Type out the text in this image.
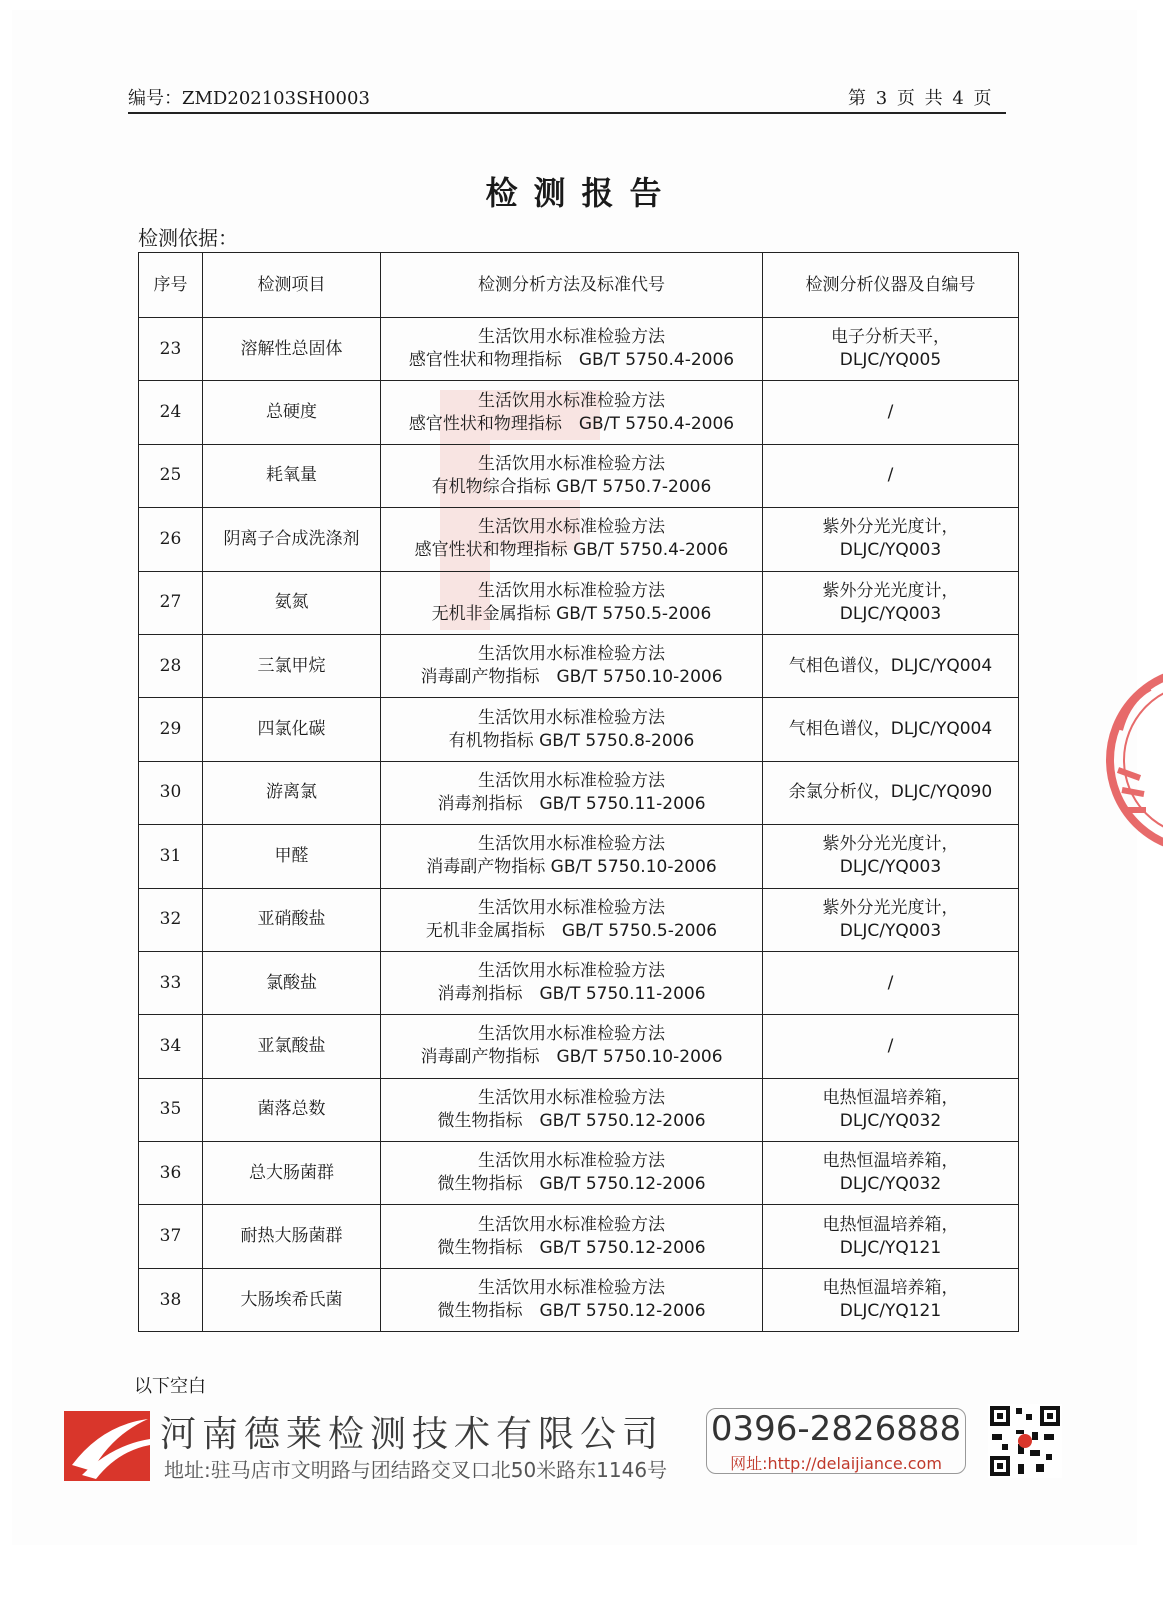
编号：ZMD202103SH0003	第 3 页 共 4 页
检测报告
检测依据：
序号	检测项目	检测分析方法及标准代号	检测分析仪器及自编号
23	溶解性总固体	生活饮用水标准检验方法
感官性状和物理指标　GB/T 5750.4-2006	电子分析天平，
DLJC/YQ005

24	总硬度	生活饮用水标准检验方法
感官性状和物理指标　GB/T 5750.4-2006	/

25	耗氧量	生活饮用水标准检验方法
有机物综合指标 GB/T 5750.7-2006	/

26	阴离子合成洗涤剂	生活饮用水标准检验方法
感官性状和物理指标 GB/T 5750.4-2006	紫外分光光度计，
DLJC/YQ003

27	氨氮	生活饮用水标准检验方法
无机非金属指标 GB/T 5750.5-2006	紫外分光光度计，
DLJC/YQ003

28	三氯甲烷	生活饮用水标准检验方法
消毒副产物指标　GB/T 5750.10-2006	气相色谱仪，DLJC/YQ004

29	四氯化碳	生活饮用水标准检验方法
有机物指标 GB/T 5750.8-2006	气相色谱仪，DLJC/YQ004

30	游离氯	生活饮用水标准检验方法
消毒剂指标　GB/T 5750.11-2006	余氯分析仪，DLJC/YQ090

31	甲醛	生活饮用水标准检验方法
消毒副产物指标 GB/T 5750.10-2006	紫外分光光度计，
DLJC/YQ003

32	亚硝酸盐	生活饮用水标准检验方法
无机非金属指标　GB/T 5750.5-2006	紫外分光光度计，
DLJC/YQ003

33	氯酸盐	生活饮用水标准检验方法
消毒剂指标　GB/T 5750.11-2006	/

34	亚氯酸盐	生活饮用水标准检验方法
消毒副产物指标　GB/T 5750.10-2006	/

35	菌落总数	生活饮用水标准检验方法
微生物指标　GB/T 5750.12-2006	电热恒温培养箱，
DLJC/YQ032

36	总大肠菌群	生活饮用水标准检验方法
微生物指标　GB/T 5750.12-2006	电热恒温培养箱，
DLJC/YQ032

37	耐热大肠菌群	生活饮用水标准检验方法
微生物指标　GB/T 5750.12-2006	电热恒温培养箱，
DLJC/YQ121

38	大肠埃希氏菌	生活饮用水标准检验方法
微生物指标　GB/T 5750.12-2006	电热恒温培养箱，
DLJC/YQ121
以下空白
河南德莱检测技术有限公司
地址:驻马店市文明路与团结路交叉口北50米路东1146号
0396-2826888
网址:http://delaijiance.com
